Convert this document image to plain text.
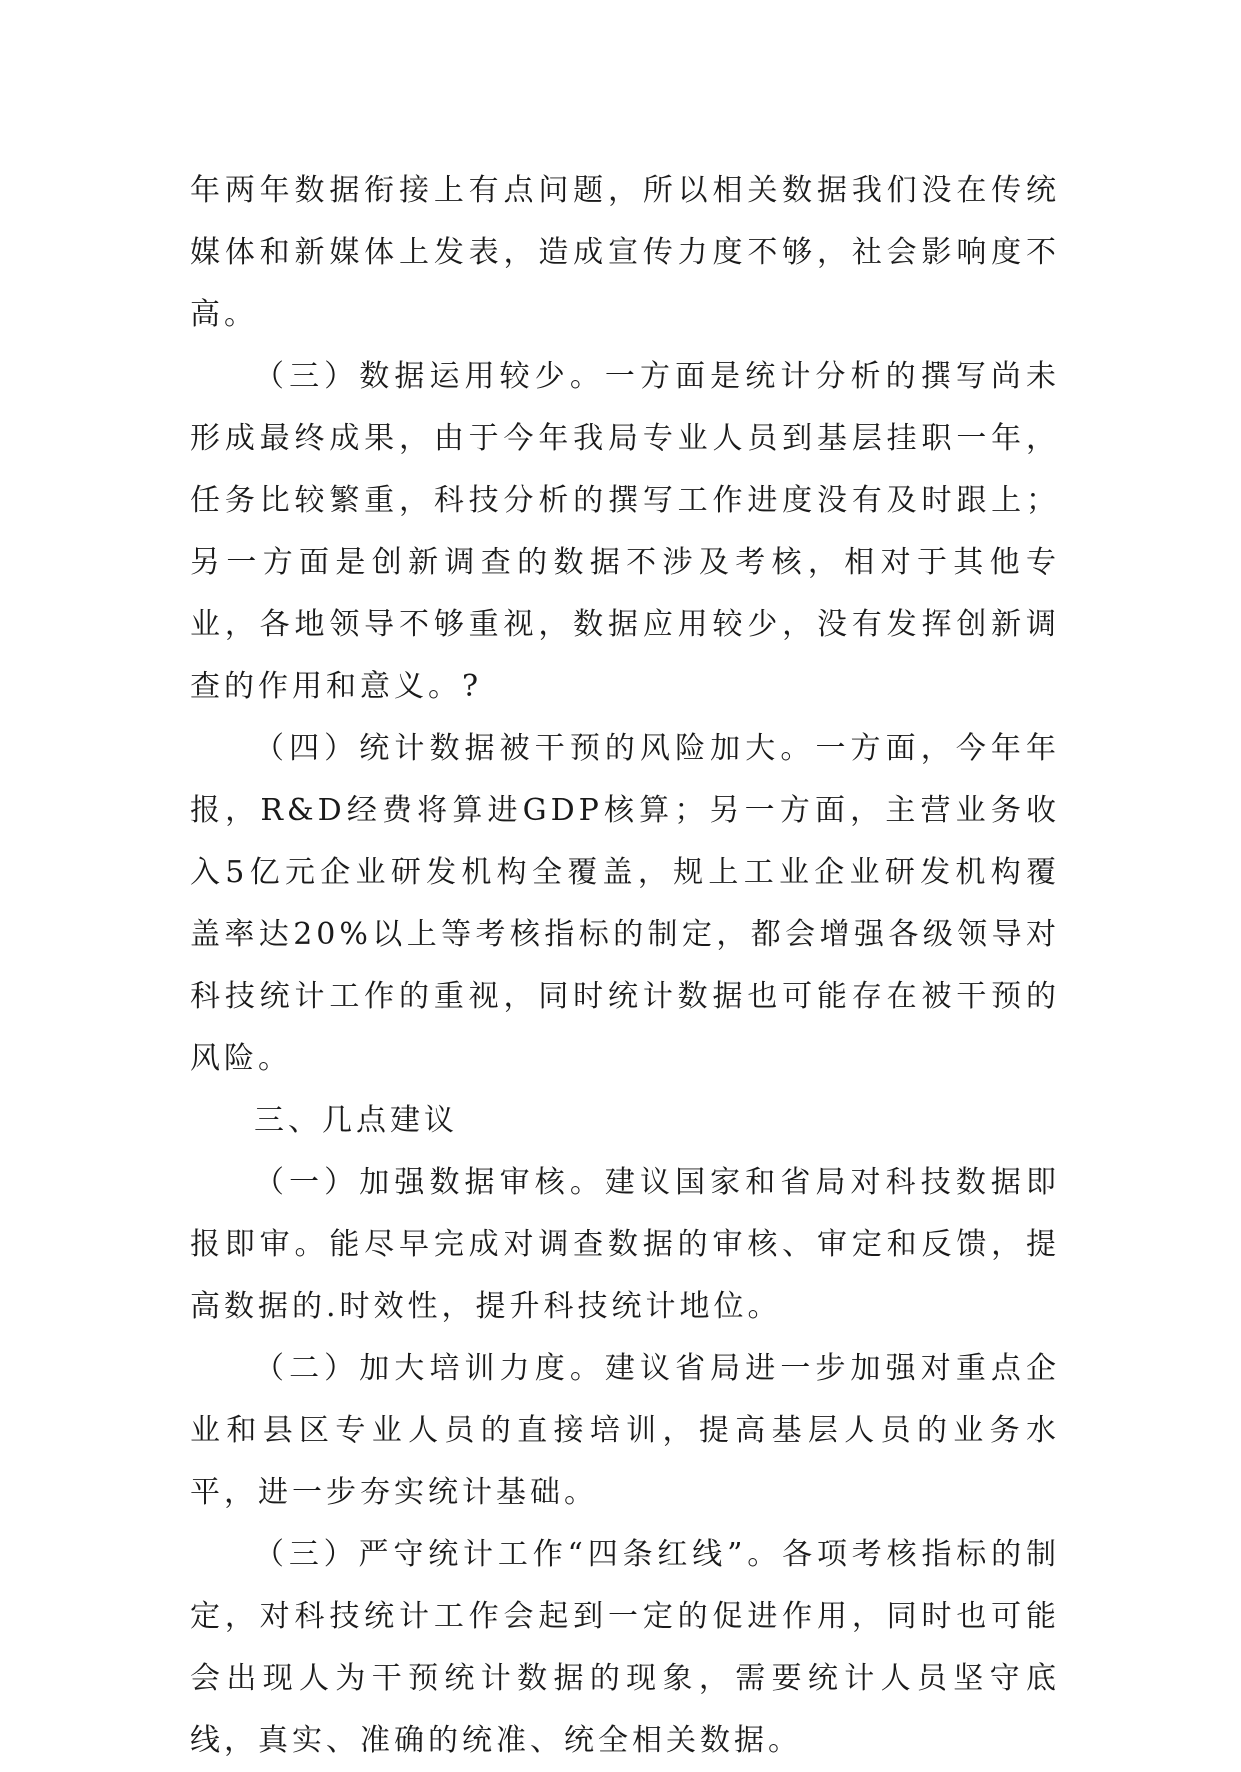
年两年数据衔接上有点问题，所以相关数据我们没在传统媒体和新媒体上发表，造成宣传力度不够，社会影响度不高。

（三）数据运用较少。一方面是统计分析的撰写尚未形成最终成果，由于今年我局专业人员到基层挂职一年，任务比较繁重，科技分析的撰写工作进度没有及时跟上；另一方面是创新调查的数据不涉及考核，相对于其他专业，各地领导不够重视，数据应用较少，没有发挥创新调查的作用和意义。?

（四）统计数据被干预的风险加大。一方面，今年年报，R&D经费将算进GDP核算；另一方面，主营业务收入5亿元企业研发机构全覆盖，规上工业企业研发机构覆盖率达20%以上等考核指标的制定，都会增强各级领导对科技统计工作的重视，同时统计数据也可能存在被干预的风险。

三、几点建议

（一）加强数据审核。建议国家和省局对科技数据即报即审。能尽早完成对调查数据的审核、审定和反馈，提高数据的.时效性，提升科技统计地位。

（二）加大培训力度。建议省局进一步加强对重点企业和县区专业人员的直接培训，提高基层人员的业务水平，进一步夯实统计基础。

（三）严守统计工作“四条红线”。各项考核指标的制定，对科技统计工作会起到一定的促进作用，同时也可能会出现人为干预统计数据的现象，需要统计人员坚守底线，真实、准确的统准、统全相关数据。
